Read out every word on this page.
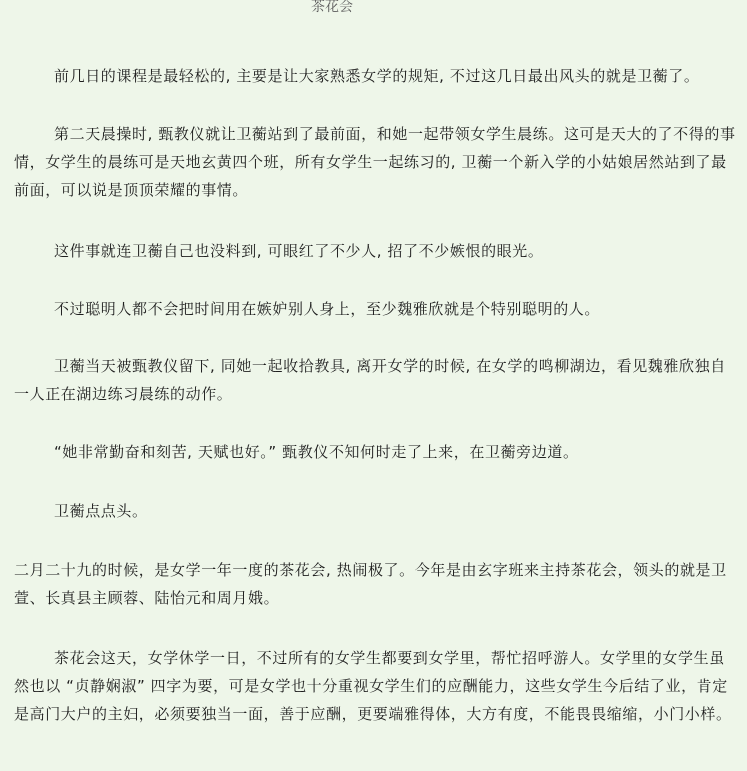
茶花会

前几日的课程是最轻松的, 主要是让大家熟悉女学的规矩, 不过这几日最出风头的就是卫蘅了。

第二天晨操时, 甄教仪就让卫蘅站到了最前面，和她一起带领女学生晨练。这可是天大的了不得的事情，女学生的晨练可是天地玄黄四个班，所有女学生一起练习的, 卫蘅一个新入学的小姑娘居然站到了最前面，可以说是顶顶荣耀的事情。

这件事就连卫蘅自己也没料到, 可眼红了不少人, 招了不少嫉恨的眼光。

不过聪明人都不会把时间用在嫉妒别人身上，至少魏雅欣就是个特别聪明的人。

卫蘅当天被甄教仪留下, 同她一起收拾教具, 离开女学的时候, 在女学的鸣柳湖边，看见魏雅欣独自一人正在湖边练习晨练的动作。

“她非常勤奋和刻苦, 天赋也好。” 甄教仪不知何时走了上来，在卫蘅旁边道。

卫蘅点点头。

二月二十九的时候，是女学一年一度的茶花会, 热闹极了。今年是由玄字班来主持茶花会，领头的就是卫萱、长真县主顾蓉、陆怡元和周月娥。

茶花会这天，女学休学一日，不过所有的女学生都要到女学里，帮忙招呼游人。女学里的女学生虽然也以 “贞静娴淑” 四字为要，可是女学也十分重视女学生们的应酬能力，这些女学生今后结了业，肯定是高门大户的主妇，必须要独当一面，善于应酬，更要端雅得体，大方有度，不能畏畏缩缩，小门小样。
